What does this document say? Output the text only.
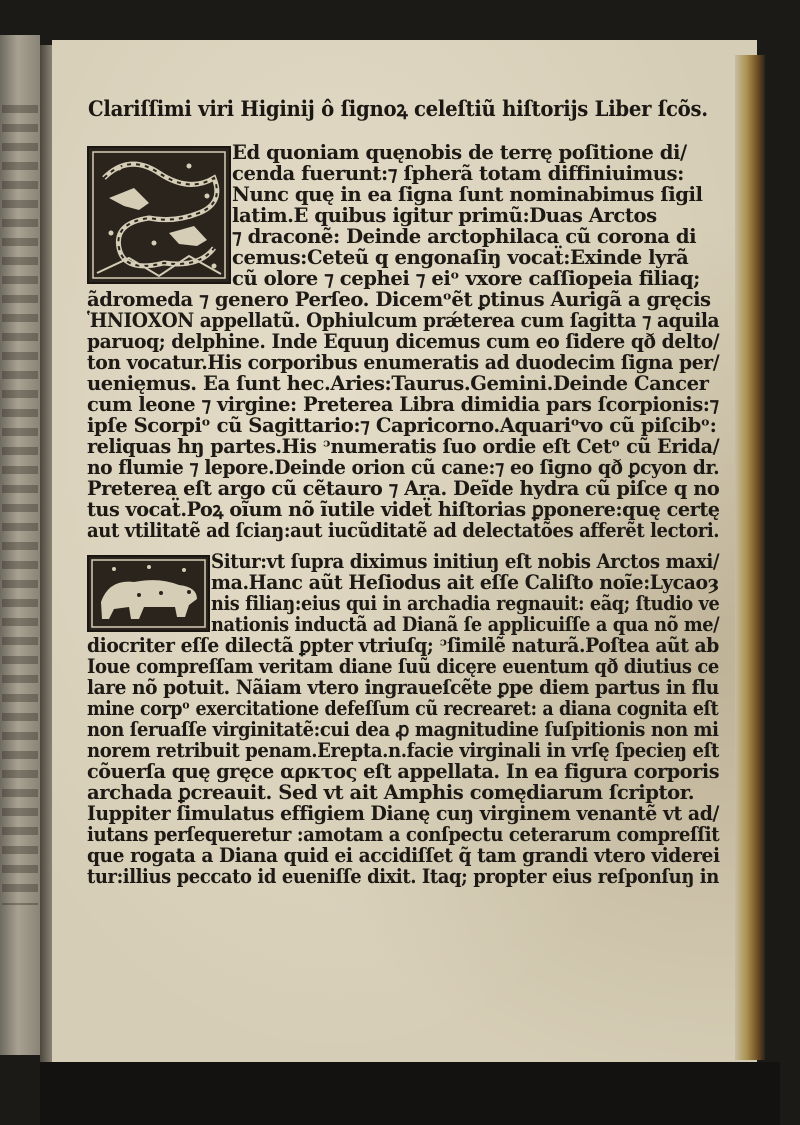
Clariſſimi viri Higinij ô ſignoꝝ celeſtiũ hiſtorijs Liber ſcõs.
Ed quoniam quęnobis de terrę poſitione di/
cenda fuerunt:⁊ ſpherã totam diffiniuimus:
Nunc quę in ea ſigna ſunt nominabimus ſigil
latim.E quibus igitur primũ:Duas Arctos
⁊ draconẽ: Deinde arctophilaca cũ corona di
cemus:Ceteũ q engonaſiŋ vocaẗ:Exinde lyrã
cũ olore ⁊ cephei ⁊ eiᵒ vxore caſſiopeia filiaq;
ãdromeda ⁊ genero Perſeo. Dicemᵒẽt ꝑtinus Aurigã a gręcis
ἩΝΙΟΧΟΝ appellatũ. Ophiulcum prǽterea cum ſagitta ⁊ aquila
paruoq; delphine. Inde Equuŋ dicemus cum eo ſidere qð delto/
ton vocatur.His corporibus enumeratis ad duodecim ſigna per/
uenięmus. Ea ſunt hec.Aries:Taurus.Gemini.Deinde Cancer
cum leone ⁊ virgine: Preterea Libra dimidia pars ſcorpionis:⁊
ipſe Scorpiᵒ cũ Sagittario:⁊ Capricorno.Aquariᵒvo cũ piſcibᵒ:
reliquas hŋ partes.His ᵓnumeratis ſuo ordie eſt Cetᵒ cũ Erida/
no flumie ⁊ lepore.Deinde orion cũ cane:⁊ eo ſigno qð ꝑcyon dr.
Preterea eſt argo cũ cẽtauro ⁊ Ara. Deĩde hydra cũ piſce q no
tus vocaẗ.Poꝝ oĩum nõ ĩutile videẗ hiſtorias ꝑponere:quę certę
aut vtilitatẽ ad ſciaŋ:aut iucũditatẽ ad delectatões afferẽt lectori.
Situr:vt ſupra diximus initiuŋ eſt nobis Arctos maxi/
ma.Hanc aũt Heſiodus ait eſſe Caliſto noĩe:Lycaoȝ
nis filiaŋ:eius qui in archadia regnauit: eãq; ſtudio ve
nationis inductã ad Dianã ſe applicuiſſe a qua nõ me/
diocriter eſſe dilectã ꝑpter vtriuſq; ᵓſimilẽ naturã.Poſtea aũt ab
Ioue compreſſam veritam diane ſuũ dicęre euentum qð diutius ce
lare nõ potuit. Nãiam vtero ingraueſcẽte ꝑpe diem partus in flu
mine corpᵒ exercitatione defeſſum cũ recrearet: a diana cognita eſt
non ſeruaſſe virginitatẽ:cui dea ꝓ magnitudine ſuſpitionis non mi
norem retribuit penam.Erepta.n.facie virginali in vrſę ſpecieŋ eſt
cõuerſa quę gręce αρκτος eſt appellata. In ea figura corporis
archada ꝑcreauit. Sed vt ait Amphis comędiarum ſcriptor.
Iuppiter ſimulatus effigiem Dianę cuŋ virginem venantẽ vt ad/
iutans perſequeretur :amotam a conſpectu ceterarum compreſſit
que rogata a Diana quid ei accidiſſet q̃ tam grandi vtero viderei
tur:illius peccato id eueniſſe dixit. Itaq; propter eius reſponſuŋ in
